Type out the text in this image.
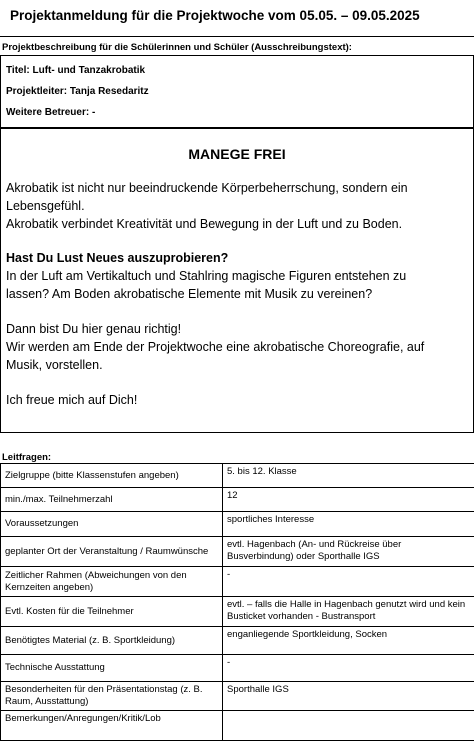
Projektanmeldung für die Projektwoche vom 05.05. – 09.05.2025
Projektbeschreibung für die Schülerinnen und Schüler (Ausschreibungstext):
Titel: Luft- und Tanzakrobatik
Projektleiter: Tanja Resedaritz
Weitere Betreuer: -
MANEGE FREI
Akrobatik ist nicht nur beeindruckende Körperbeherrschung, sondern ein Lebensgefühl.
Akrobatik verbindet Kreativität und Bewegung in der Luft und zu Boden.
Hast Du Lust Neues auszuprobieren?
In der Luft am Vertikaltuch und Stahlring magische Figuren entstehen zu lassen? Am Boden akrobatische Elemente mit Musik zu vereinen?
Dann bist Du hier genau richtig!
Wir werden am Ende der Projektwoche eine akrobatische Choreografie, auf Musik, vorstellen.
Ich freue mich auf Dich!
Leitfragen:
Zielgruppe (bitte Klassenstufen angeben)	5. bis 12. Klasse
min./max. Teilnehmerzahl	12
Voraussetzungen	sportliches Interesse
geplanter Ort der Veranstaltung / Raumwünsche	evtl. Hagenbach (An- und Rückreise über Busverbindung) oder Sporthalle IGS
Zeitlicher Rahmen (Abweichungen von den Kernzeiten angeben)	-
Evtl. Kosten für die Teilnehmer	evtl. – falls die Halle in Hagenbach genutzt wird und kein Busticket vorhanden - Bustransport
Benötigtes Material (z. B. Sportkleidung)	enganliegende Sportkleidung, Socken
Technische Ausstattung	-
Besonderheiten für den Präsentationstag (z. B. Raum, Ausstattung)	Sporthalle IGS
Bemerkungen/Anregungen/Kritik/Lob	
